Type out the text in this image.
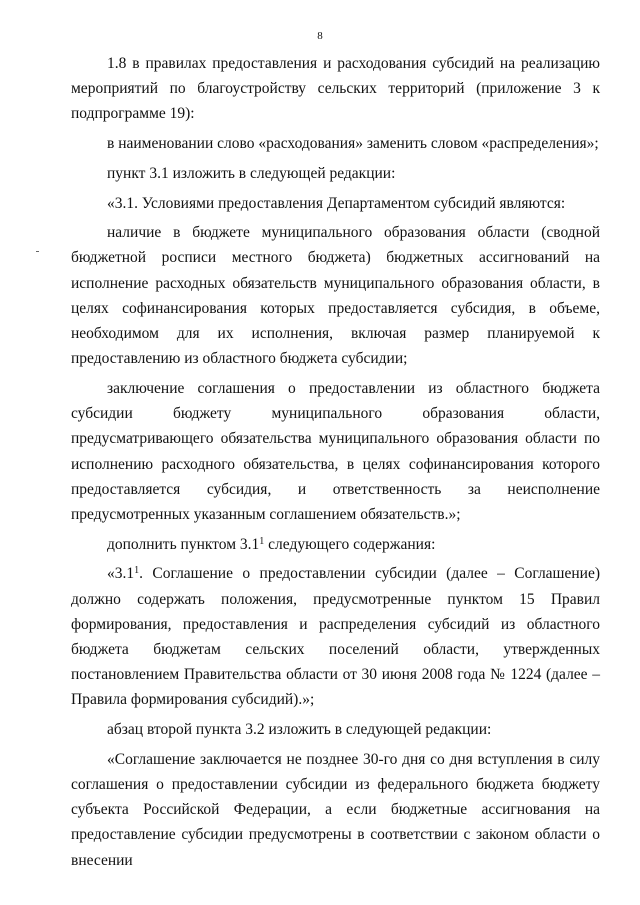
8

1.8 в правилах предоставления и расходования субсидий на реализацию мероприятий по благоустройству сельских территорий (приложение 3 к подпрограмме 19):

в наименовании слово «расходования» заменить словом «распределения»;

пункт 3.1 изложить в следующей редакции:

«3.1. Условиями предоставления Департаментом субсидий являются:

наличие в бюджете муниципального образования области (сводной бюджетной росписи местного бюджета) бюджетных ассигнований на исполнение расходных обязательств муниципального образования области, в целях софинансирования которых предоставляется субсидия, в объеме, необходимом для их исполнения, включая размер планируемой к предоставлению из областного бюджета субсидии;

заключение соглашения о предоставлении из областного бюджета субсидии бюджету муниципального образования области, предусматривающего обязательства муниципального образования области по исполнению расходного обязательства, в целях софинансирования которого предоставляется субсидия, и ответственность за неисполнение предусмотренных указанным соглашением обязательств.»;

дополнить пунктом $3.1^1$ следующего содержания:

«$3.1^1$. Соглашение о предоставлении субсидии (далее – Соглашение) должно содержать положения, предусмотренные пунктом 15 Правил формирования, предоставления и распределения субсидий из областного бюджета бюджетам сельских поселений области, утвержденных постановлением Правительства области от 30 июня 2008 года № 1224 (далее – Правила формирования субсидий).»;

абзац второй пункта 3.2 изложить в следующей редакции:

«Соглашение заключается не позднее 30-го дня со дня вступления в силу соглашения о предоставлении субсидии из федерального бюджета бюджету субъекта Российской Федерации, а если бюджетные ассигнования на предоставление субсидии предусмотрены в соответствии с законом области о внесении
